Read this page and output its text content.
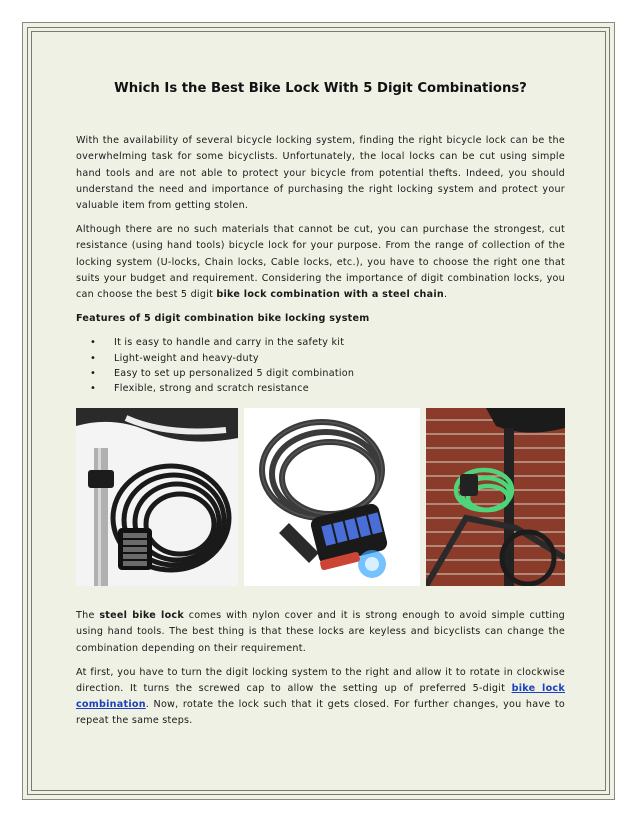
Which Is the Best Bike Lock With 5 Digit Combinations?

With the availability of several bicycle locking system, finding the right bicycle lock can be the overwhelming task for some bicyclists. Unfortunately, the local locks can be cut using simple hand tools and are not able to protect your bicycle from potential thefts. Indeed, you should understand the need and importance of purchasing the right locking system and protect your valuable item from getting stolen.

Although there are no such materials that cannot be cut, you can purchase the strongest, cut resistance (using hand tools) bicycle lock for your purpose. From the range of collection of the locking system (U-locks, Chain locks, Cable locks, etc.), you have to choose the right one that suits your budget and requirement. Considering the importance of digit combination locks, you can choose the best 5 digit bike lock combination with a steel chain.

Features of 5 digit combination bike locking system
• It is easy to handle and carry in the safety kit
• Light-weight and heavy-duty
• Easy to set up personalized 5 digit combination
• Flexible, strong and scratch resistance

The steel bike lock comes with nylon cover and it is strong enough to avoid simple cutting using hand tools. The best thing is that these locks are keyless and bicyclists can change the combination depending on their requirement.

At first, you have to turn the digit locking system to the right and allow it to rotate in clockwise direction. It turns the screwed cap to allow the setting up of preferred 5-digit bike lock combination. Now, rotate the lock such that it gets closed. For further changes, you have to repeat the same steps.
